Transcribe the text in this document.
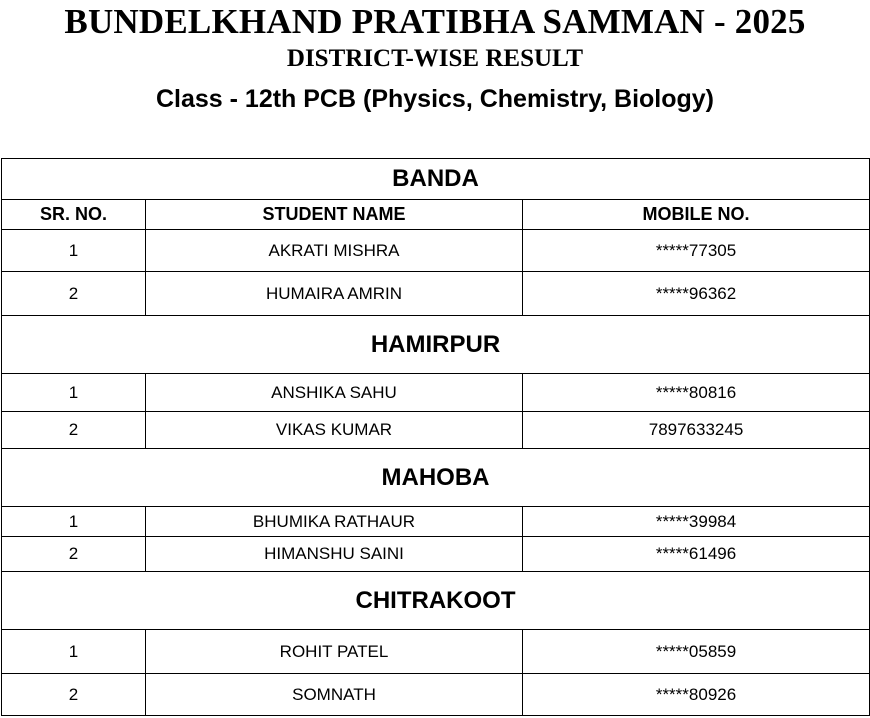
BUNDELKHAND PRATIBHA SAMMAN - 2025
DISTRICT-WISE RESULT
Class - 12th PCB (Physics, Chemistry, Biology)
BANDA		
SR. NO.	STUDENT NAME	MOBILE NO.
1	AKRATI MISHRA	*****77305
2	HUMAIRA AMRIN	*****96362
HAMIRPUR		
1	ANSHIKA SAHU	*****80816
2	VIKAS KUMAR	7897633245
MAHOBA		
1	BHUMIKA RATHAUR	*****39984
2	HIMANSHU SAINI	*****61496
CHITRAKOOT		
1	ROHIT PATEL	*****05859
2	SOMNATH	*****80926
